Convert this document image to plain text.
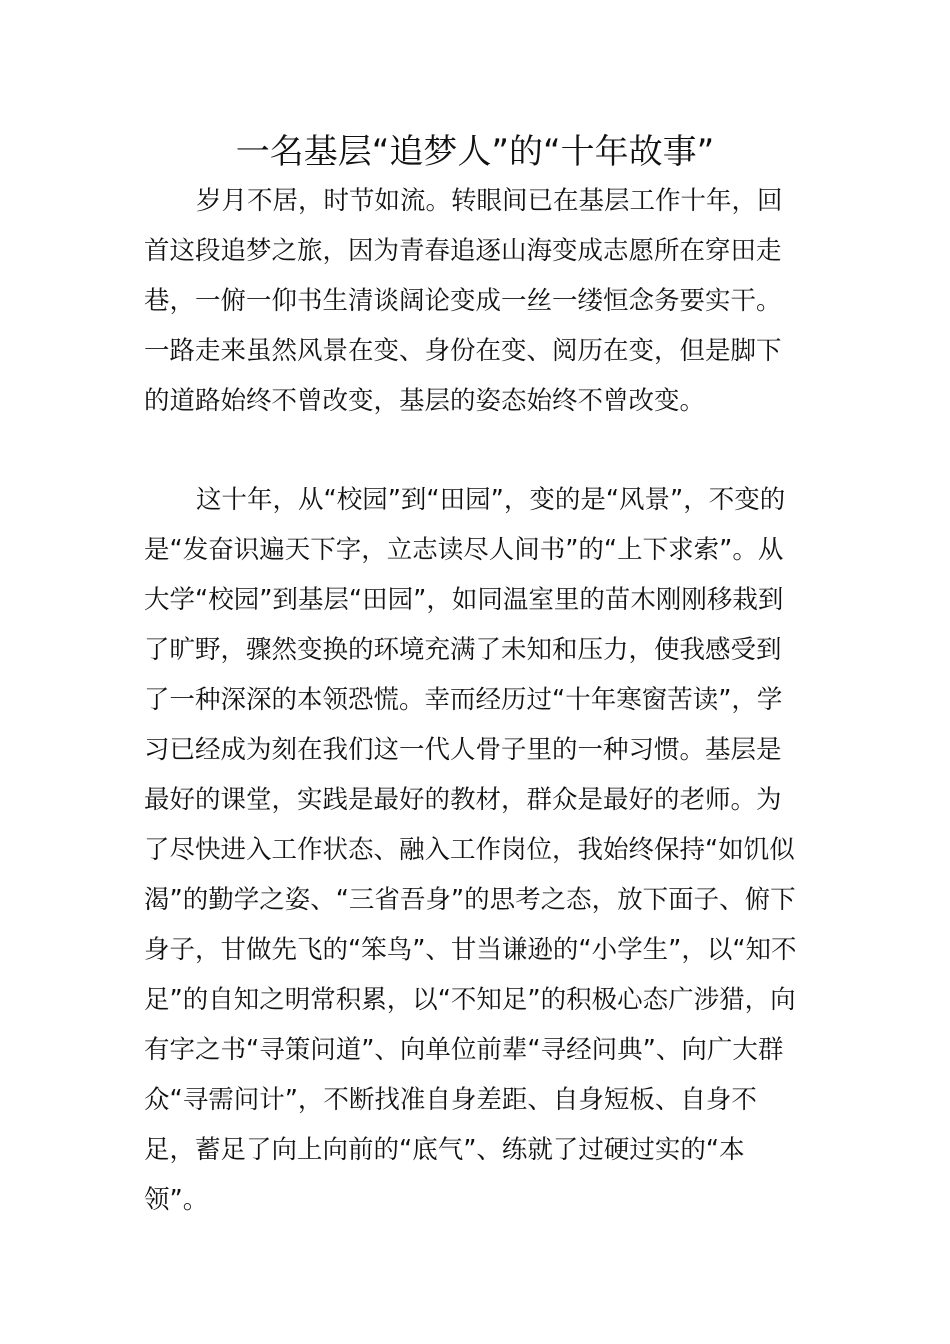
一名基层“追梦人”的“十年故事”

岁月不居，时节如流。转眼间已在基层工作十年，回首这段追梦之旅，因为青春追逐山海变成志愿所在穿田走巷，一俯一仰书生清谈阔论变成一丝一缕恒念务要实干。一路走来虽然风景在变、身份在变、阅历在变，但是脚下的道路始终不曾改变，基层的姿态始终不曾改变。

这十年，从“校园”到“田园”，变的是“风景”，不变的是“发奋识遍天下字，立志读尽人间书”的“上下求索”。从大学“校园”到基层“田园”，如同温室里的苗木刚刚移栽到了旷野，骤然变换的环境充满了未知和压力，使我感受到了一种深深的本领恐慌。幸而经历过“十年寒窗苦读”，学习已经成为刻在我们这一代人骨子里的一种习惯。基层是最好的课堂，实践是最好的教材，群众是最好的老师。为了尽快进入工作状态、融入工作岗位，我始终保持“如饥似渴”的勤学之姿、“三省吾身”的思考之态，放下面子、俯下身子，甘做先飞的“笨鸟”、甘当谦逊的“小学生”，以“知不足”的自知之明常积累，以“不知足”的积极心态广涉猎，向有字之书“寻策问道”、向单位前辈“寻经问典”、向广大群众“寻需问计”，不断找准自身差距、自身短板、自身不足，蓄足了向上向前的“底气”、练就了过硬过实的“本领”。
